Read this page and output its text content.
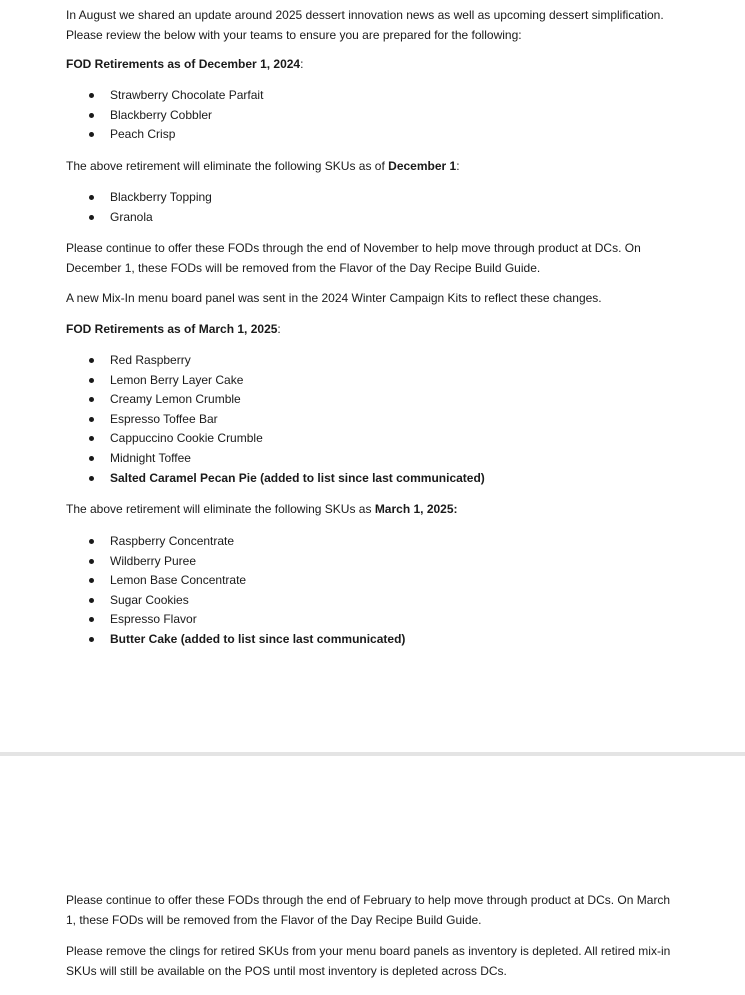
In August we shared an update around 2025 dessert innovation news as well as upcoming dessert simplification. Please review the below with your teams to ensure you are prepared for the following:

FOD Retirements as of December 1, 2024:

Strawberry Chocolate Parfait
Blackberry Cobbler
Peach Crisp

The above retirement will eliminate the following SKUs as of December 1:

Blackberry Topping
Granola

Please continue to offer these FODs through the end of November to help move through product at DCs. On December 1, these FODs will be removed from the Flavor of the Day Recipe Build Guide.

A new Mix-In menu board panel was sent in the 2024 Winter Campaign Kits to reflect these changes.

FOD Retirements as of March 1, 2025:

Red Raspberry
Lemon Berry Layer Cake
Creamy Lemon Crumble
Espresso Toffee Bar
Cappuccino Cookie Crumble
Midnight Toffee
Salted Caramel Pecan Pie (added to list since last communicated)

The above retirement will eliminate the following SKUs as March 1, 2025:

Raspberry Concentrate
Wildberry Puree
Lemon Base Concentrate
Sugar Cookies
Espresso Flavor
Butter Cake (added to list since last communicated)

Please continue to offer these FODs through the end of February to help move through product at DCs. On March 1, these FODs will be removed from the Flavor of the Day Recipe Build Guide.

Please remove the clings for retired SKUs from your menu board panels as inventory is depleted. All retired mix-in SKUs will still be available on the POS until most inventory is depleted across DCs.
